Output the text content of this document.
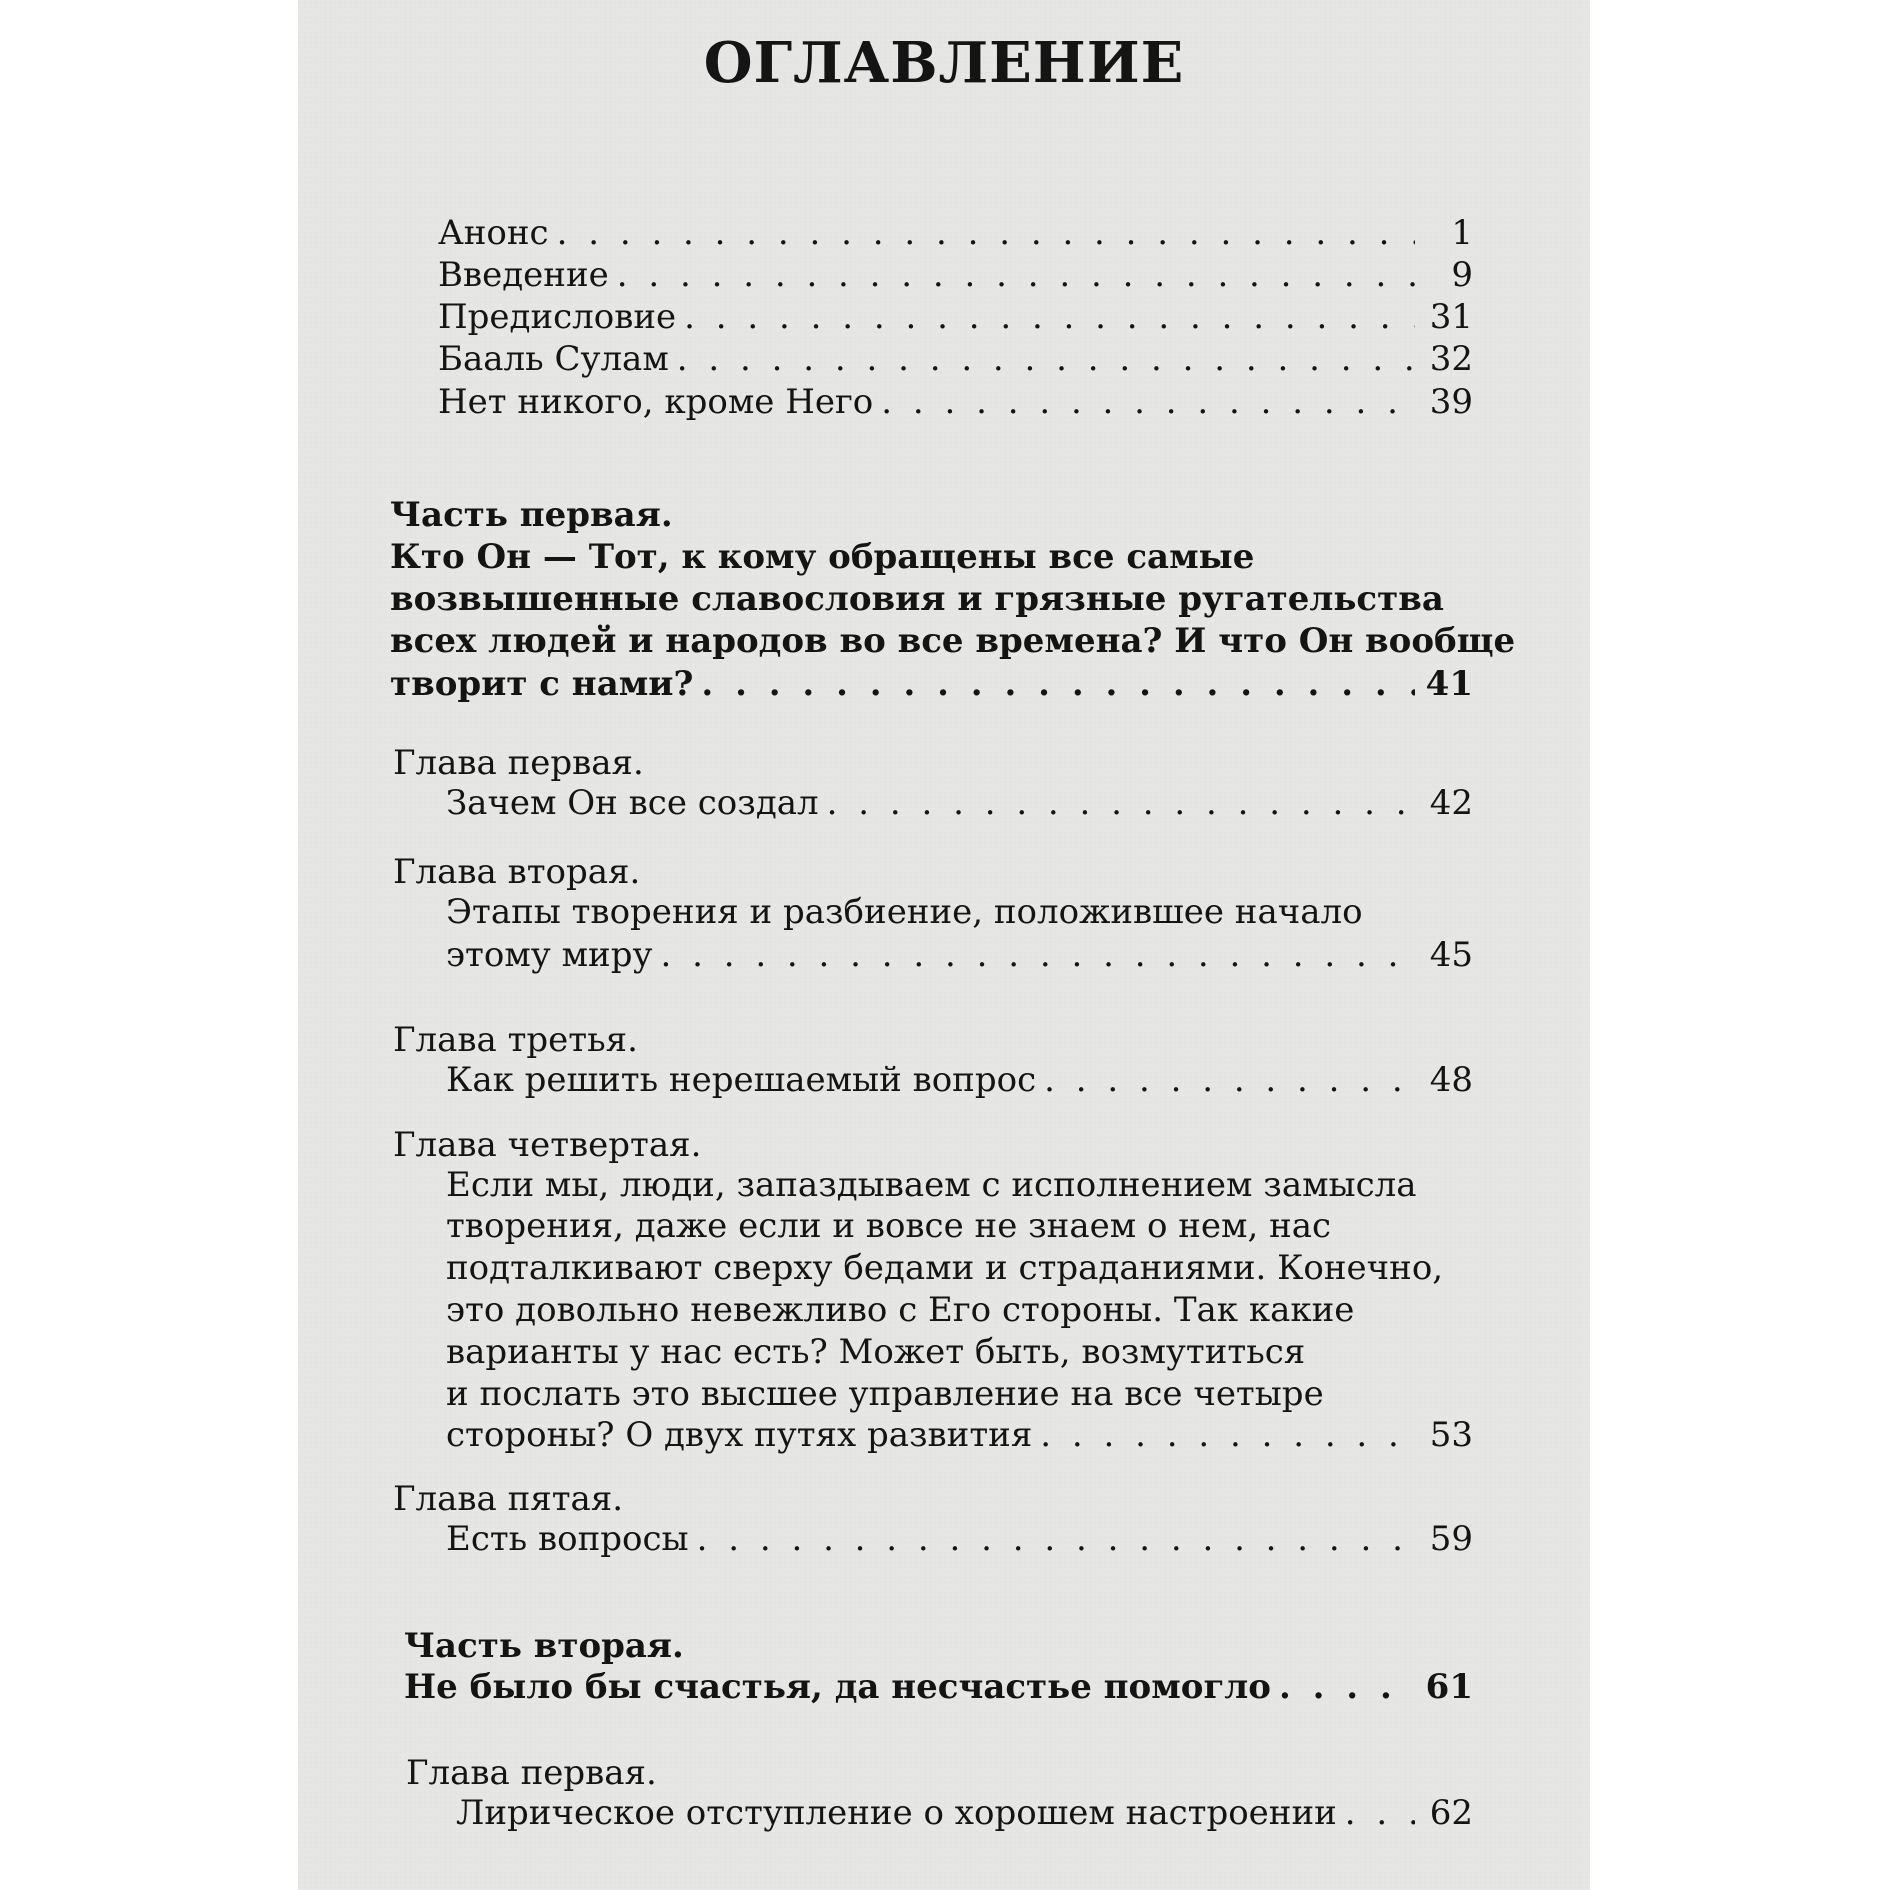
ОГЛАВЛЕНИЕ
Анонс . . .	1
Введение . . .	9
Предисловие . . .	31
Бааль Сулам . . .	32
Нет никого, кроме Него . . .	39
Часть первая.
Кто Он — Тот, к кому обращены все самые
возвышенные славословия и грязные ругательства
всех людей и народов во все времена? И что Он вообще
творит с нами? . . .	41
Глава первая.
Зачем Он все создал . . .	42
Глава вторая.
Этапы творения и разбиение, положившее начало
этому миру . . .	45
Глава третья.
Как решить нерешаемый вопрос . . .	48
Глава четвертая.
Если мы, люди, запаздываем с исполнением замысла
творения, даже если и вовсе не знаем о нем, нас
подталкивают сверху бедами и страданиями. Конечно,
это довольно невежливо с Его стороны. Так какие
варианты у нас есть? Может быть, возмутиться
и послать это высшее управление на все четыре
стороны? О двух путях развития . . .	53
Глава пятая.
Есть вопросы . . .	59
Часть вторая.
Не было бы счастья, да несчастье помогло . . .	61
Глава первая.
Лирическое отступление о хорошем настроении . . .	62
